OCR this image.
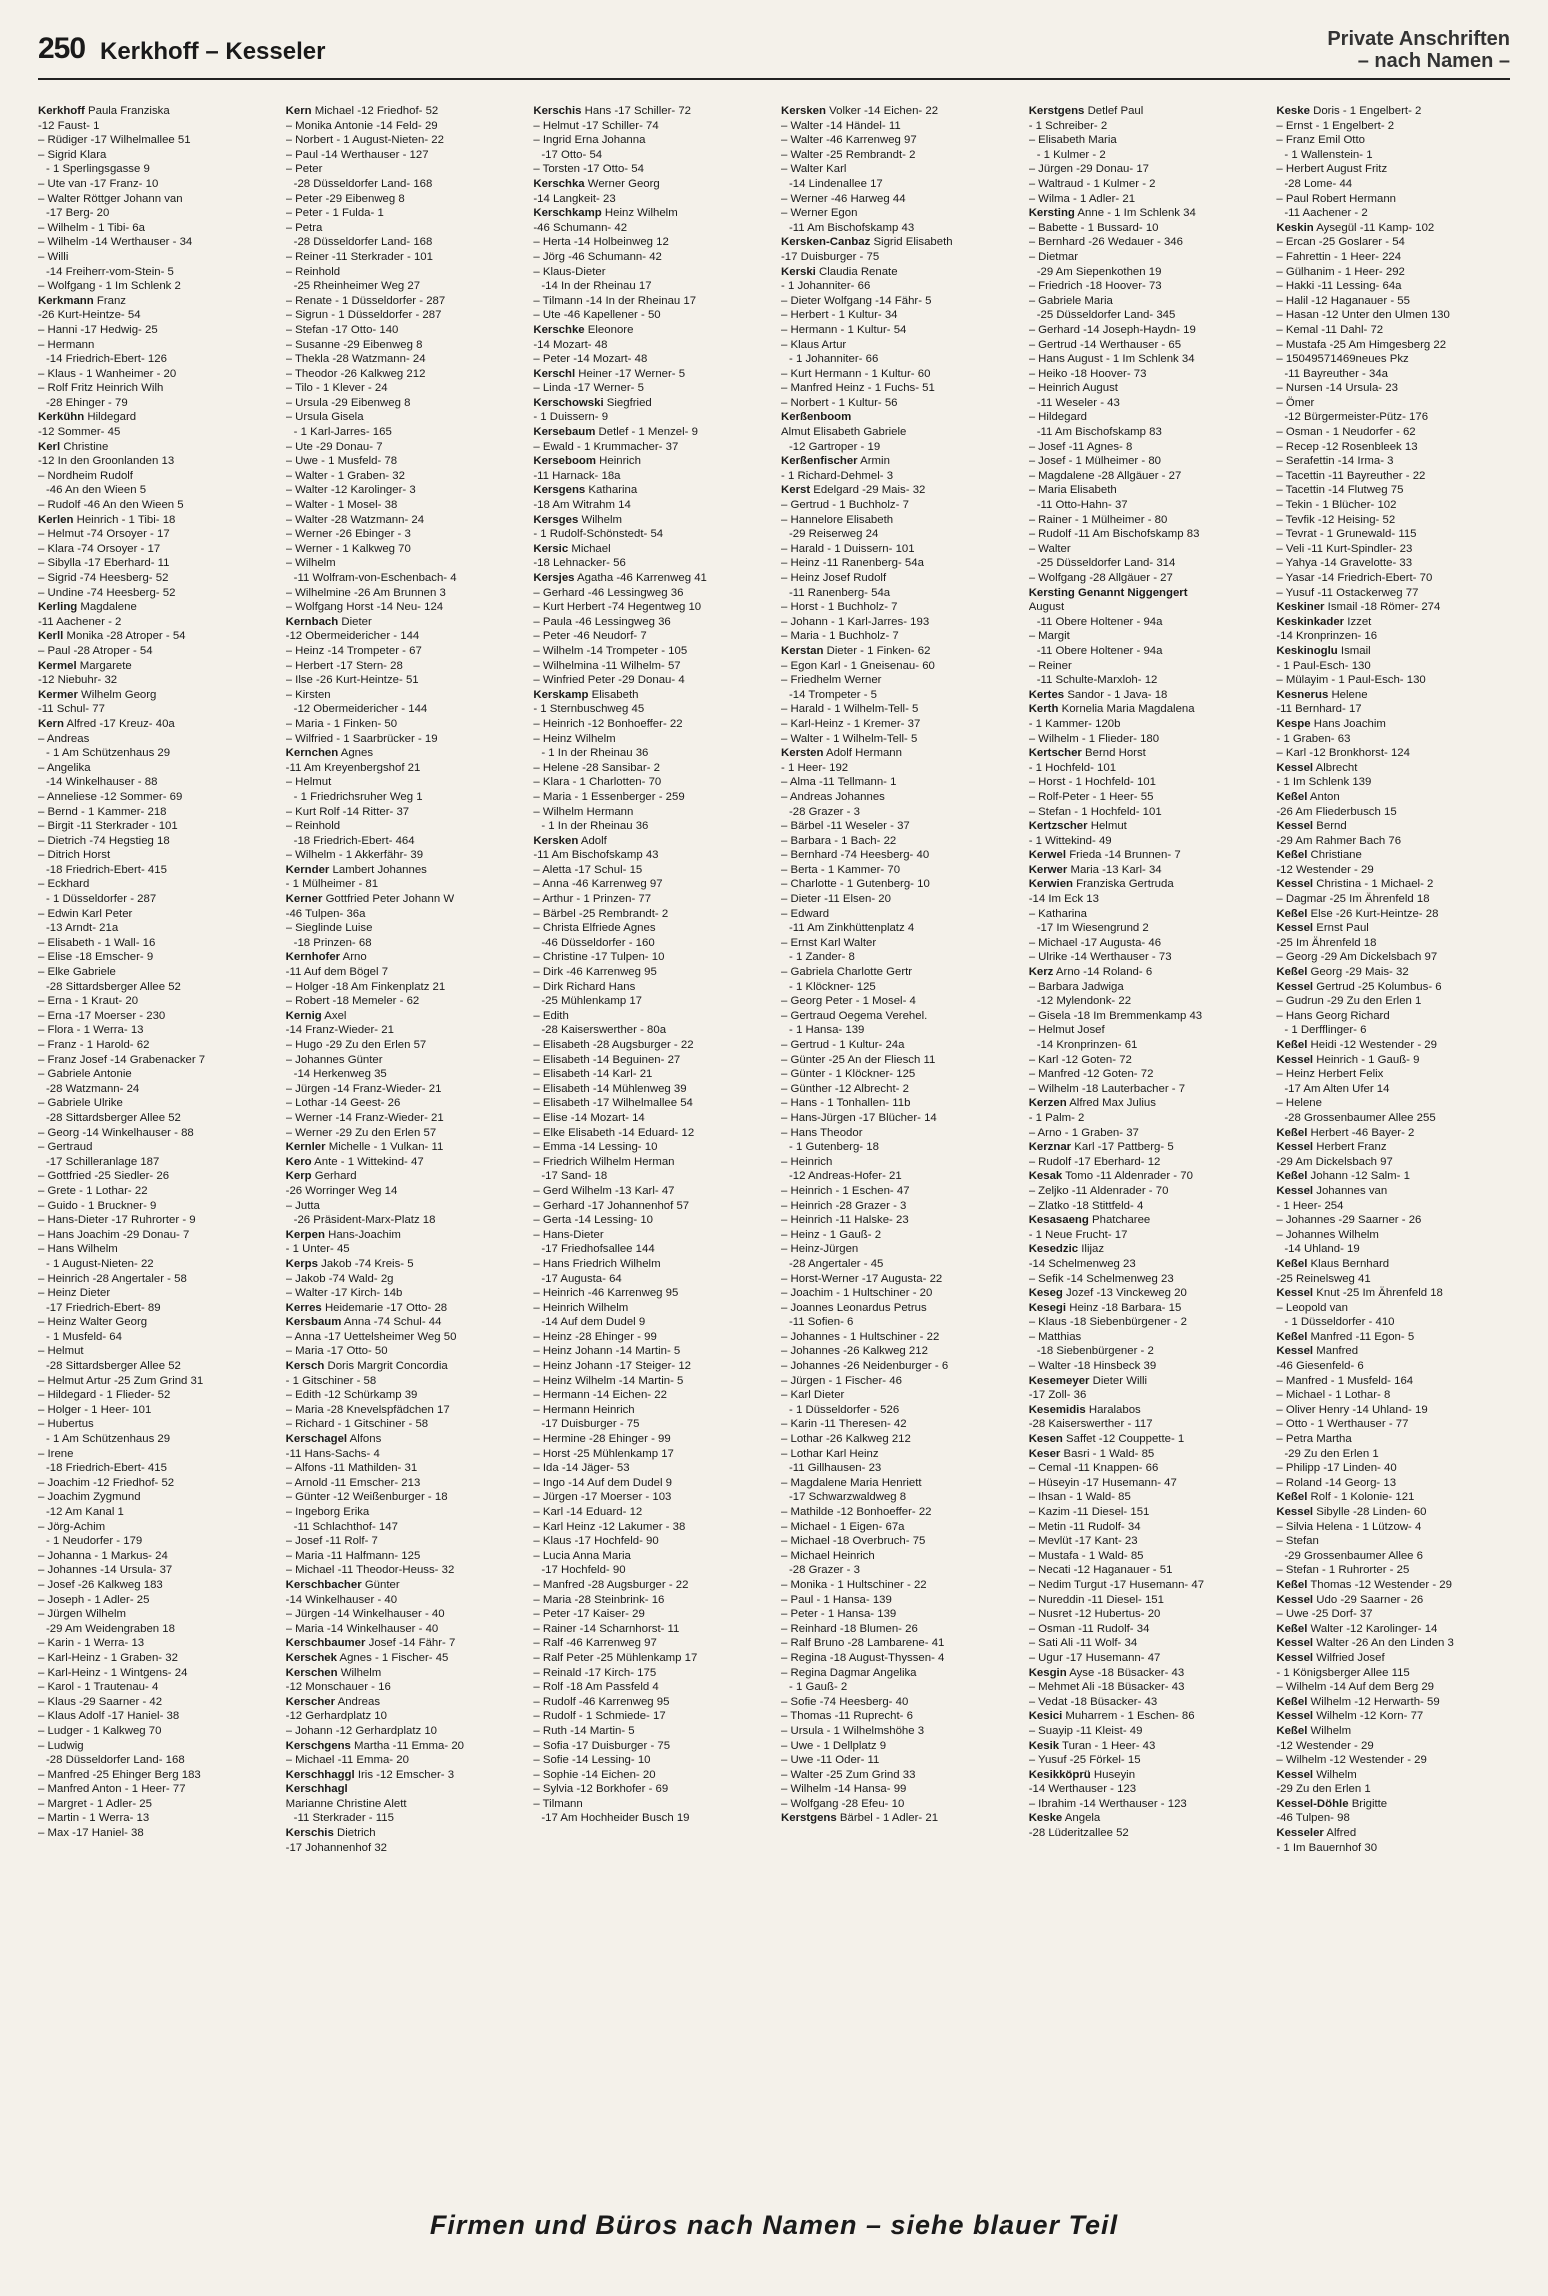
250 Kerkhoff – Kesseler	Private Anschriften
– nach Namen –
Kerkhoff Paula Franziska
-12 Faust- 1
– Rüdiger -17 Wilhelmallee 51
– Sigrid Klara
- 1 Sperlingsgasse 9
– Ute van -17 Franz- 10
– Walter Röttger Johann van
-17 Berg- 20
– Wilhelm - 1 Tibi- 6a
– Wilhelm -14 Werthauser - 34
– Willi
-14 Freiherr-vom-Stein- 5
– Wolfgang - 1 Im Schlenk 2
Kerkmann Franz
-26 Kurt-Heintze- 54
– Hanni -17 Hedwig- 25
– Hermann
-14 Friedrich-Ebert- 126
– Klaus - 1 Wanheimer - 20
– Rolf Fritz Heinrich Wilh
-28 Ehinger - 79
Kerkühn Hildegard
-12 Sommer- 45
Kerl Christine
-12 In den Groonlanden 13
– Nordheim Rudolf
-46 An den Wieen 5
– Rudolf -46 An den Wieen 5
Kerlen Heinrich - 1 Tibi- 18
– Helmut -74 Orsoyer - 17
– Klara -74 Orsoyer - 17
– Sibylla -17 Eberhard- 11
– Sigrid -74 Heesberg- 52
– Undine -74 Heesberg- 52
Kerling Magdalene
-11 Aachener - 2
Kerll Monika -28 Atroper - 54
– Paul -28 Atroper - 54
Kermel Margarete
-12 Niebuhr- 32
Kermer Wilhelm Georg
-11 Schul- 77
Kern Alfred -17 Kreuz- 40a
– Andreas
- 1 Am Schützenhaus 29
– Angelika
-14 Winkelhauser - 88
– Anneliese -12 Sommer- 69
– Bernd - 1 Kammer- 218
– Birgit -11 Sterkrader - 101
– Dietrich -74 Hegstieg 18
– Ditrich Horst
-18 Friedrich-Ebert- 415
– Eckhard
- 1 Düsseldorfer - 287
– Edwin Karl Peter
-13 Arndt- 21a
– Elisabeth - 1 Wall- 16
– Elise -18 Emscher- 9
– Elke Gabriele
-28 Sittardsberger Allee 52
– Erna - 1 Kraut- 20
– Erna -17 Moerser - 230
– Flora - 1 Werra- 13
– Franz - 1 Harold- 62
– Franz Josef -14 Grabenacker 7
– Gabriele Antonie
-28 Watzmann- 24
– Gabriele Ulrike
-28 Sittardsberger Allee 52
– Georg -14 Winkelhauser - 88
– Gertraud
-17 Schilleranlage 187
– Gottfried -25 Siedler- 26
– Grete - 1 Lothar- 22
– Guido - 1 Bruckner- 9
– Hans-Dieter -17 Ruhrorter - 9
– Hans Joachim -29 Donau- 7
– Hans Wilhelm
- 1 August-Nieten- 22
– Heinrich -28 Angertaler - 58
– Heinz Dieter
-17 Friedrich-Ebert- 89
– Heinz Walter Georg
- 1 Musfeld- 64
– Helmut
-28 Sittardsberger Allee 52
– Helmut Artur -25 Zum Grind 31
– Hildegard - 1 Flieder- 52
– Holger - 1 Heer- 101
– Hubertus
- 1 Am Schützenhaus 29
– Irene
-18 Friedrich-Ebert- 415
– Joachim -12 Friedhof- 52
– Joachim Zygmund
-12 Am Kanal 1
– Jörg-Achim
- 1 Neudorfer - 179
– Johanna - 1 Markus- 24
– Johannes -14 Ursula- 37
– Josef -26 Kalkweg 183
– Joseph - 1 Adler- 25
– Jürgen Wilhelm
-29 Am Weidengraben 18
– Karin - 1 Werra- 13
– Karl-Heinz - 1 Graben- 32
– Karl-Heinz - 1 Wintgens- 24
– Karol - 1 Trautenau- 4
– Klaus -29 Saarner - 42
– Klaus Adolf -17 Haniel- 38
– Ludger - 1 Kalkweg 70
– Ludwig
-28 Düsseldorfer Land- 168
– Manfred -25 Ehinger Berg 183
– Manfred Anton - 1 Heer- 77
– Margret - 1 Adler- 25
– Martin - 1 Werra- 13
– Max -17 Haniel- 38
Kern Michael -12 Friedhof- 52
– Monika Antonie -14 Feld- 29
– Norbert - 1 August-Nieten- 22
– Paul -14 Werthauser - 127
– Peter
-28 Düsseldorfer Land- 168
– Peter -29 Eibenweg 8
– Peter - 1 Fulda- 1
– Petra
-28 Düsseldorfer Land- 168
– Reiner -11 Sterkrader - 101
– Reinhold
-25 Rheinheimer Weg 27
– Renate - 1 Düsseldorfer - 287
– Sigrun - 1 Düsseldorfer - 287
– Stefan -17 Otto- 140
– Susanne -29 Eibenweg 8
– Thekla -28 Watzmann- 24
– Theodor -26 Kalkweg 212
– Tilo - 1 Klever - 24
– Ursula -29 Eibenweg 8
– Ursula Gisela
- 1 Karl-Jarres- 165
– Ute -29 Donau- 7
– Uwe - 1 Musfeld- 78
– Walter - 1 Graben- 32
– Walter -12 Karolinger- 3
– Walter - 1 Mosel- 38
– Walter -28 Watzmann- 24
– Werner -26 Ebinger - 3
– Werner - 1 Kalkweg 70
– Wilhelm
-11 Wolfram-von-Eschenbach- 4
– Wilhelmine -26 Am Brunnen 3
– Wolfgang Horst -14 Neu- 124
Kernbach Dieter
-12 Obermeidericher - 144
– Heinz -14 Trompeter - 67
– Herbert -17 Stern- 28
– Ilse -26 Kurt-Heintze- 51
– Kirsten
-12 Obermeidericher - 144
– Maria - 1 Finken- 50
– Wilfried - 1 Saarbrücker - 19
Kernchen Agnes
-11 Am Kreyenbergshof 21
– Helmut
- 1 Friedrichsruher Weg 1
– Kurt Rolf -14 Ritter- 37
– Reinhold
-18 Friedrich-Ebert- 464
– Wilhelm - 1 Akkerfähr- 39
Kernder Lambert Johannes
- 1 Mülheimer - 81
Kerner Gottfried Peter Johann W
-46 Tulpen- 36a
– Sieglinde Luise
-18 Prinzen- 68
Kernhofer Arno
-11 Auf dem Bögel 7
– Holger -18 Am Finkenplatz 21
– Robert -18 Memeler - 62
Kernig Axel
-14 Franz-Wieder- 21
– Hugo -29 Zu den Erlen 57
– Johannes Günter
-14 Herkenweg 35
– Jürgen -14 Franz-Wieder- 21
– Lothar -14 Geest- 26
– Werner -14 Franz-Wieder- 21
– Werner -29 Zu den Erlen 57
Kernler Michelle - 1 Vulkan- 11
Kero Ante - 1 Wittekind- 47
Kerp Gerhard
-26 Worringer Weg 14
– Jutta
-26 Präsident-Marx-Platz 18
Kerpen Hans-Joachim
- 1 Unter- 45
Kerps Jakob -74 Kreis- 5
– Jakob -74 Wald- 2g
– Walter -17 Kirch- 14b
Kerres Heidemarie -17 Otto- 28
Kersbaum Anna -74 Schul- 44
– Anna -17 Uettelsheimer Weg 50
– Maria -17 Otto- 50
Kersch Doris Margrit Concordia
- 1 Gitschiner - 58
– Edith -12 Schürkamp 39
– Maria -28 Knevelspfädchen 17
– Richard - 1 Gitschiner - 58
Kerschagel Alfons
-11 Hans-Sachs- 4
– Alfons -11 Mathilden- 31
– Arnold -11 Emscher- 213
– Günter -12 Weißenburger - 18
– Ingeborg Erika
-11 Schlachthof- 147
– Josef -11 Rolf- 7
– Maria -11 Halfmann- 125
– Michael -11 Theodor-Heuss- 32
Kerschbacher Günter
-14 Winkelhauser - 40
– Jürgen -14 Winkelhauser - 40
– Maria -14 Winkelhauser - 40
Kerschbaumer Josef -14 Fähr- 7
Kerschek Agnes - 1 Fischer- 45
Kerschen Wilhelm
-12 Monschauer - 16
Kerscher Andreas
-12 Gerhardplatz 10
– Johann -12 Gerhardplatz 10
Kerschgens Martha -11 Emma- 20
– Michael -11 Emma- 20
Kerschhaggl Iris -12 Emscher- 3
Kerschhagl
Marianne Christine Alett
-11 Sterkrader - 115
Kerschis Dietrich
-17 Johannenhof 32
Kerschis Hans -17 Schiller- 72
– Helmut -17 Schiller- 74
– Ingrid Erna Johanna
-17 Otto- 54
– Torsten -17 Otto- 54
Kerschka Werner Georg
-14 Langkeit- 23
Kerschkamp Heinz Wilhelm
-46 Schumann- 42
– Herta -14 Holbeinweg 12
– Jörg -46 Schumann- 42
– Klaus-Dieter
-14 In der Rheinau 17
– Tilmann -14 In der Rheinau 17
– Ute -46 Kapellener - 50
Kerschke Eleonore
-14 Mozart- 48
– Peter -14 Mozart- 48
Kerschl Heiner -17 Werner- 5
– Linda -17 Werner- 5
Kerschowski Siegfried
- 1 Duissern- 9
Kersebaum Detlef - 1 Menzel- 9
– Ewald - 1 Krummacher- 37
Kerseboom Heinrich
-11 Harnack- 18a
Kersgens Katharina
-18 Am Witrahm 14
Kersges Wilhelm
- 1 Rudolf-Schönstedt- 54
Kersic Michael
-18 Lehnacker- 56
Kersjes Agatha -46 Karrenweg 41
– Gerhard -46 Lessingweg 36
– Kurt Herbert -74 Hegentweg 10
– Paula -46 Lessingweg 36
– Peter -46 Neudorf- 7
– Wilhelm -14 Trompeter - 105
– Wilhelmina -11 Wilhelm- 57
– Winfried Peter -29 Donau- 4
Kerskamp Elisabeth
- 1 Sternbuschweg 45
– Heinrich -12 Bonhoeffer- 22
– Heinz Wilhelm
- 1 In der Rheinau 36
– Helene -28 Sansibar- 2
– Klara - 1 Charlotten- 70
– Maria - 1 Essenberger - 259
– Wilhelm Hermann
- 1 In der Rheinau 36
Kersken Adolf
-11 Am Bischofskamp 43
– Aletta -17 Schul- 15
– Anna -46 Karrenweg 97
– Arthur - 1 Prinzen- 77
– Bärbel -25 Rembrandt- 2
– Christa Elfriede Agnes
-46 Düsseldorfer - 160
– Christine -17 Tulpen- 10
– Dirk -46 Karrenweg 95
– Dirk Richard Hans
-25 Mühlenkamp 17
– Edith
-28 Kaiserswerther - 80a
– Elisabeth -28 Augsburger - 22
– Elisabeth -14 Beguinen- 27
– Elisabeth -14 Karl- 21
– Elisabeth -14 Mühlenweg 39
– Elisabeth -17 Wilhelmallee 54
– Elise -14 Mozart- 14
– Elke Elisabeth -14 Eduard- 12
– Emma -14 Lessing- 10
– Friedrich Wilhelm Herman
-17 Sand- 18
– Gerd Wilhelm -13 Karl- 47
– Gerhard -17 Johannenhof 57
– Gerta -14 Lessing- 10
– Hans-Dieter
-17 Friedhofsallee 144
– Hans Friedrich Wilhelm
-17 Augusta- 64
– Heinrich -46 Karrenweg 95
– Heinrich Wilhelm
-14 Auf dem Dudel 9
– Heinz -28 Ehinger - 99
– Heinz Johann -14 Martin- 5
– Heinz Johann -17 Steiger- 12
– Heinz Wilhelm -14 Martin- 5
– Hermann -14 Eichen- 22
– Hermann Heinrich
-17 Duisburger - 75
– Hermine -28 Ehinger - 99
– Horst -25 Mühlenkamp 17
– Ida -14 Jäger- 53
– Ingo -14 Auf dem Dudel 9
– Jürgen -17 Moerser - 103
– Karl -14 Eduard- 12
– Karl Heinz -12 Lakumer - 38
– Klaus -17 Hochfeld- 90
– Lucia Anna Maria
-17 Hochfeld- 90
– Manfred -28 Augsburger - 22
– Maria -28 Steinbrink- 16
– Peter -17 Kaiser- 29
– Rainer -14 Scharnhorst- 11
– Ralf -46 Karrenweg 97
– Ralf Peter -25 Mühlenkamp 17
– Reinald -17 Kirch- 175
– Rolf -18 Am Passfeld 4
– Rudolf -46 Karrenweg 95
– Rudolf - 1 Schmiede- 17
– Ruth -14 Martin- 5
– Sofia -17 Duisburger - 75
– Sofie -14 Lessing- 10
– Sophie -14 Eichen- 20
– Sylvia -12 Borkhofer - 69
– Tilmann
-17 Am Hochheider Busch 19
Kersken Volker -14 Eichen- 22
– Walter -14 Händel- 11
– Walter -46 Karrenweg 97
– Walter -25 Rembrandt- 2
– Walter Karl
-14 Lindenallee 17
– Werner -46 Harweg 44
– Werner Egon
-11 Am Bischofskamp 43
Kersken-Canbaz Sigrid Elisabeth
-17 Duisburger - 75
Kerski Claudia Renate
- 1 Johanniter- 66
– Dieter Wolfgang -14 Fähr- 5
– Herbert - 1 Kultur- 34
– Hermann - 1 Kultur- 54
– Klaus Artur
- 1 Johanniter- 66
– Kurt Hermann - 1 Kultur- 60
– Manfred Heinz - 1 Fuchs- 51
– Norbert - 1 Kultur- 56
Kerßenboom
Almut Elisabeth Gabriele
-12 Gartroper - 19
Kerßenfischer Armin
- 1 Richard-Dehmel- 3
Kerst Edelgard -29 Mais- 32
– Gertrud - 1 Buchholz- 7
– Hannelore Elisabeth
-29 Reiserweg 24
– Harald - 1 Duissern- 101
– Heinz -11 Ranenberg- 54a
– Heinz Josef Rudolf
-11 Ranenberg- 54a
– Horst - 1 Buchholz- 7
– Johann - 1 Karl-Jarres- 193
– Maria - 1 Buchholz- 7
Kerstan Dieter - 1 Finken- 62
– Egon Karl - 1 Gneisenau- 60
– Friedhelm Werner
-14 Trompeter - 5
– Harald - 1 Wilhelm-Tell- 5
– Karl-Heinz - 1 Kremer- 37
– Walter - 1 Wilhelm-Tell- 5
Kersten Adolf Hermann
- 1 Heer- 192
– Alma -11 Tellmann- 1
– Andreas Johannes
-28 Grazer - 3
– Bärbel -11 Weseler - 37
– Barbara - 1 Bach- 22
– Bernhard -74 Heesberg- 40
– Berta - 1 Kammer- 70
– Charlotte - 1 Gutenberg- 10
– Dieter -11 Elsen- 20
– Edward
-11 Am Zinkhüttenplatz 4
– Ernst Karl Walter
- 1 Zander- 8
– Gabriela Charlotte Gertr
- 1 Klöckner- 125
– Georg Peter - 1 Mosel- 4
– Gertraud Oegema Verehel.
- 1 Hansa- 139
– Gertrud - 1 Kultur- 24a
– Günter -25 An der Fliesch 11
– Günter - 1 Klöckner- 125
– Günther -12 Albrecht- 2
– Hans - 1 Tonhallen- 11b
– Hans-Jürgen -17 Blücher- 14
– Hans Theodor
- 1 Gutenberg- 18
– Heinrich
-12 Andreas-Hofer- 21
– Heinrich - 1 Eschen- 47
– Heinrich -28 Grazer - 3
– Heinrich -11 Halske- 23
– Heinz - 1 Gauß- 2
– Heinz-Jürgen
-28 Angertaler - 45
– Horst-Werner -17 Augusta- 22
– Joachim - 1 Hultschiner - 20
– Joannes Leonardus Petrus
-11 Sofien- 6
– Johannes - 1 Hultschiner - 22
– Johannes -26 Kalkweg 212
– Johannes -26 Neidenburger - 6
– Jürgen - 1 Fischer- 46
– Karl Dieter
- 1 Düsseldorfer - 526
– Karin -11 Theresen- 42
– Lothar -26 Kalkweg 212
– Lothar Karl Heinz
-11 Gillhausen- 23
– Magdalene Maria Henriett
-17 Schwarzwaldweg 8
– Mathilde -12 Bonhoeffer- 22
– Michael - 1 Eigen- 67a
– Michael -18 Overbruch- 75
– Michael Heinrich
-28 Grazer - 3
– Monika - 1 Hultschiner - 22
– Paul - 1 Hansa- 139
– Peter - 1 Hansa- 139
– Reinhard -18 Blumen- 26
– Ralf Bruno -28 Lambarene- 41
– Regina -18 August-Thyssen- 4
– Regina Dagmar Angelika
- 1 Gauß- 2
– Sofie -74 Heesberg- 40
– Thomas -11 Ruprecht- 6
– Ursula - 1 Wilhelmshöhe 3
– Uwe - 1 Dellplatz 9
– Uwe -11 Oder- 11
– Walter -25 Zum Grind 33
– Wilhelm -14 Hansa- 99
– Wolfgang -28 Efeu- 10
Kerstgens Bärbel - 1 Adler- 21
Kerstgens Detlef Paul
- 1 Schreiber- 2
– Elisabeth Maria
- 1 Kulmer - 2
– Jürgen -29 Donau- 17
– Waltraud - 1 Kulmer - 2
– Wilma - 1 Adler- 21
Kersting Anne - 1 Im Schlenk 34
– Babette - 1 Bussard- 10
– Bernhard -26 Wedauer - 346
– Dietmar
-29 Am Siepenkothen 19
– Friedrich -18 Hoover- 73
– Gabriele Maria
-25 Düsseldorfer Land- 345
– Gerhard -14 Joseph-Haydn- 19
– Gertrud -14 Werthauser - 65
– Hans August - 1 Im Schlenk 34
– Heiko -18 Hoover- 73
– Heinrich August
-11 Weseler - 43
– Hildegard
-11 Am Bischofskamp 83
– Josef -11 Agnes- 8
– Josef - 1 Mülheimer - 80
– Magdalene -28 Allgäuer - 27
– Maria Elisabeth
-11 Otto-Hahn- 37
– Rainer - 1 Mülheimer - 80
– Rudolf -11 Am Bischofskamp 83
– Walter
-25 Düsseldorfer Land- 314
– Wolfgang -28 Allgäuer - 27
Kersting Genannt Niggengert
August
-11 Obere Holtener - 94a
– Margit
-11 Obere Holtener - 94a
– Reiner
-11 Schulte-Marxloh- 12
Kertes Sandor - 1 Java- 18
Kerth Kornelia Maria Magdalena
- 1 Kammer- 120b
– Wilhelm - 1 Flieder- 180
Kertscher Bernd Horst
- 1 Hochfeld- 101
– Horst - 1 Hochfeld- 101
– Rolf-Peter - 1 Heer- 55
– Stefan - 1 Hochfeld- 101
Kertzscher Helmut
- 1 Wittekind- 49
Kerwel Frieda -14 Brunnen- 7
Kerwer Maria -13 Karl- 34
Kerwien Franziska Gertruda
-14 Im Eck 13
– Katharina
-17 Im Wiesengrund 2
– Michael -17 Augusta- 46
– Ulrike -14 Werthauser - 73
Kerz Arno -14 Roland- 6
– Barbara Jadwiga
-12 Mylendonk- 22
– Gisela -18 Im Bremmenkamp 43
– Helmut Josef
-14 Kronprinzen- 61
– Karl -12 Goten- 72
– Manfred -12 Goten- 72
– Wilhelm -18 Lauterbacher - 7
Kerzen Alfred Max Julius
- 1 Palm- 2
– Arno - 1 Graben- 37
Kerznar Karl -17 Pattberg- 5
– Rudolf -17 Eberhard- 12
Kesak Tomo -11 Aldenrader - 70
– Zeljko -11 Aldenrader - 70
– Zlatko -18 Stittfeld- 4
Kesasaeng Phatcharee
- 1 Neue Frucht- 17
Kesedzic Ilijaz
-14 Schelmenweg 23
– Sefik -14 Schelmenweg 23
Keseg Jozef -13 Vinckeweg 20
Kesegi Heinz -18 Barbara- 15
– Klaus -18 Siebenbürgener - 2
– Matthias
-18 Siebenbürgener - 2
– Walter -18 Hinsbeck 39
Kesemeyer Dieter Willi
-17 Zoll- 36
Kesemidis Haralabos
-28 Kaiserswerther - 117
Kesen Saffet -12 Couppette- 1
Keser Basri - 1 Wald- 85
– Cemal -11 Knappen- 66
– Hüseyin -17 Husemann- 47
– Ihsan - 1 Wald- 85
– Kazim -11 Diesel- 151
– Metin -11 Rudolf- 34
– Mevlüt -17 Kant- 23
– Mustafa - 1 Wald- 85
– Necati -12 Haganauer - 51
– Nedim Turgut -17 Husemann- 47
– Nureddin -11 Diesel- 151
– Nusret -12 Hubertus- 20
– Osman -11 Rudolf- 34
– Sati Ali -11 Wolf- 34
– Ugur -17 Husemann- 47
Kesgin Ayse -18 Büsacker- 43
– Mehmet Ali -18 Büsacker- 43
– Vedat -18 Büsacker- 43
Kesici Muharrem - 1 Eschen- 86
– Suayip -11 Kleist- 49
Kesik Turan - 1 Heer- 43
– Yusuf -25 Förkel- 15
Kesikköprü Huseyin
-14 Werthauser - 123
– Ibrahim -14 Werthauser - 123
Keske Angela
-28 Lüderitzallee 52
Keske Doris - 1 Engelbert- 2
– Ernst - 1 Engelbert- 2
– Franz Emil Otto
- 1 Wallenstein- 1
– Herbert August Fritz
-28 Lome- 44
– Paul Robert Hermann
-11 Aachener - 2
Keskin Aysegül -11 Kamp- 102
– Ercan -25 Goslarer - 54
– Fahrettin - 1 Heer- 224
– Gülhanim - 1 Heer- 292
– Hakki -11 Lessing- 64a
– Halil -12 Haganauer - 55
– Hasan -12 Unter den Ulmen 130
– Kemal -11 Dahl- 72
– Mustafa -25 Am Himgesberg 22
– 15049571469neues Pkz
-11 Bayreuther - 34a
– Nursen -14 Ursula- 23
– Ömer
-12 Bürgermeister-Pütz- 176
– Osman - 1 Neudorfer - 62
– Recep -12 Rosenbleek 13
– Serafettin -14 Irma- 3
– Tacettin -11 Bayreuther - 22
– Tacettin -14 Flutweg 75
– Tekin - 1 Blücher- 102
– Tevfik -12 Heising- 52
– Tevrat - 1 Grunewald- 115
– Veli -11 Kurt-Spindler- 23
– Yahya -14 Gravelotte- 33
– Yasar -14 Friedrich-Ebert- 70
– Yusuf -11 Ostackerweg 77
Keskiner Ismail -18 Römer- 274
Keskinkader Izzet
-14 Kronprinzen- 16
Keskinoglu Ismail
- 1 Paul-Esch- 130
– Mülayim - 1 Paul-Esch- 130
Kesnerus Helene
-11 Bernhard- 17
Kespe Hans Joachim
- 1 Graben- 63
– Karl -12 Bronkhorst- 124
Kessel Albrecht
- 1 Im Schlenk 139
Keßel Anton
-26 Am Fliederbusch 15
Kessel Bernd
-29 Am Rahmer Bach 76
Keßel Christiane
-12 Westender - 29
Kessel Christina - 1 Michael- 2
– Dagmar -25 Im Ährenfeld 18
Keßel Else -26 Kurt-Heintze- 28
Kessel Ernst Paul
-25 Im Ährenfeld 18
– Georg -29 Am Dickelsbach 97
Keßel Georg -29 Mais- 32
Kessel Gertrud -25 Kolumbus- 6
– Gudrun -29 Zu den Erlen 1
– Hans Georg Richard
- 1 Derfflinger- 6
Keßel Heidi -12 Westender - 29
Kessel Heinrich - 1 Gauß- 9
– Heinz Herbert Felix
-17 Am Alten Ufer 14
– Helene
-28 Grossenbaumer Allee 255
Keßel Herbert -46 Bayer- 2
Kessel Herbert Franz
-29 Am Dickelsbach 97
Keßel Johann -12 Salm- 1
Kessel Johannes van
- 1 Heer- 254
– Johannes -29 Saarner - 26
– Johannes Wilhelm
-14 Uhland- 19
Keßel Klaus Bernhard
-25 Reinelsweg 41
Kessel Knut -25 Im Ährenfeld 18
– Leopold van
- 1 Düsseldorfer - 410
Keßel Manfred -11 Egon- 5
Kessel Manfred
-46 Giesenfeld- 6
– Manfred - 1 Musfeld- 164
– Michael - 1 Lothar- 8
– Oliver Henry -14 Uhland- 19
– Otto - 1 Werthauser - 77
– Petra Martha
-29 Zu den Erlen 1
– Philipp -17 Linden- 40
– Roland -14 Georg- 13
Keßel Rolf - 1 Kolonie- 121
Kessel Sibylle -28 Linden- 60
– Silvia Helena - 1 Lützow- 4
– Stefan
-29 Grossenbaumer Allee 6
– Stefan - 1 Ruhrorter - 25
Keßel Thomas -12 Westender - 29
Kessel Udo -29 Saarner - 26
– Uwe -25 Dorf- 37
Keßel Walter -12 Karolinger- 14
Kessel Walter -26 An den Linden 3
Kessel Wilfried Josef
- 1 Königsberger Allee 115
– Wilhelm -14 Auf dem Berg 29
Keßel Wilhelm -12 Herwarth- 59
Kessel Wilhelm -12 Korn- 77
Keßel Wilhelm
-12 Westender - 29
– Wilhelm -12 Westender - 29
Kessel Wilhelm
-29 Zu den Erlen 1
Kessel-Döhle Brigitte
-46 Tulpen- 98
Kesseler Alfred
- 1 Im Bauernhof 30
Firmen und Büros nach Namen – siehe blauer Teil
